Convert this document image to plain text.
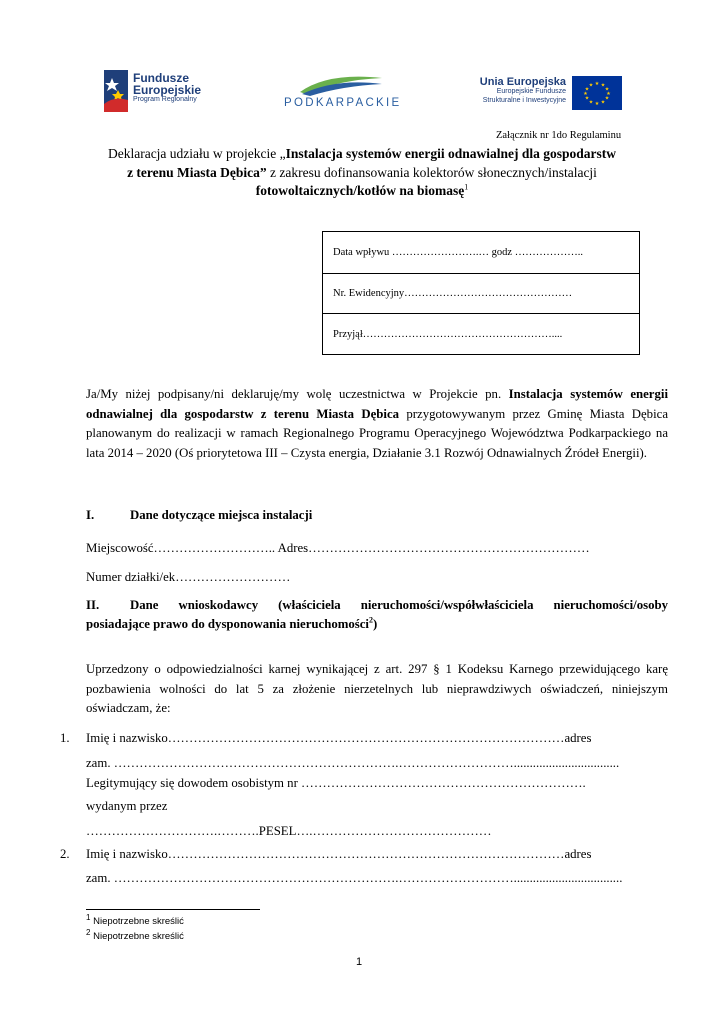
Fundusze
Europejskie
Program Regionalny	PODKARPACKIE
Unia Europejska
Europejskie Fundusze
Strukturalne i Inwestycyjne
★ ★
★
★
★
★
★
★
★
★
★
★
Załącznik nr 1do Regulaminu
Deklaracja udziału w projekcie „Instalacja systemów energii odnawialnej dla gospodarstw
z terenu Miasta Dębica” z zakresu dofinansowania kolektorów słonecznych/instalacji
fotowoltaicznych/kotłów na biomasę$^1$
Data wpływu …………………….… godz ………………..
Nr. Ewidencyjny…………………………………………
Przyjął………………………………………………....
Ja/My niżej podpisany/ni deklaruję/my wolę uczestnictwa w Projekcie pn. Instalacja systemów energii odnawialnej dla gospodarstw z terenu Miasta Dębica przygotowywanym przez Gminę Miasta Dębica planowanym do realizacji w ramach Regionalnego Programu Operacyjnego Województwa Podkarpackiego na lata 2014 – 2020 (Oś priorytetowa III – Czysta energia, Działanie 3.1 Rozwój Odnawialnych Źródeł Energii).
I.	Dane dotyczące miejsca instalacji
Miejscowość……………………….. Adres…………………………………………………………
Numer działki/ek………………………
II. Dane wnioskodawcy (właściciela nieruchomości/współwłaściciela nieruchomości/osoby
posiadające prawo do dysponowania nieruchomości$^2$)
Uprzedzony o odpowiedzialności karnej wynikającej z art. 297 § 1 Kodeksu Karnego przewidującego karę pozbawienia wolności do lat 5 za złożenie nierzetelnych lub nieprawdziwych oświadczeń, niniejszym oświadczam, że:
1. Imię i nazwisko…………………………………………………………………………………adres
zam. ………………………………………………………….……………………….................................
Legitymujący się dowodem osobistym nr ………………………………………………………….
wydanym przez
………………………….……….PESEL….……………………………………
2. Imię i nazwisko…………………………………………………………………………………adres
zam. ………………………………………………………….………………………..................................
$^1$ Niepotrzebne skreślić
$^2$ Niepotrzebne skreślić
1
